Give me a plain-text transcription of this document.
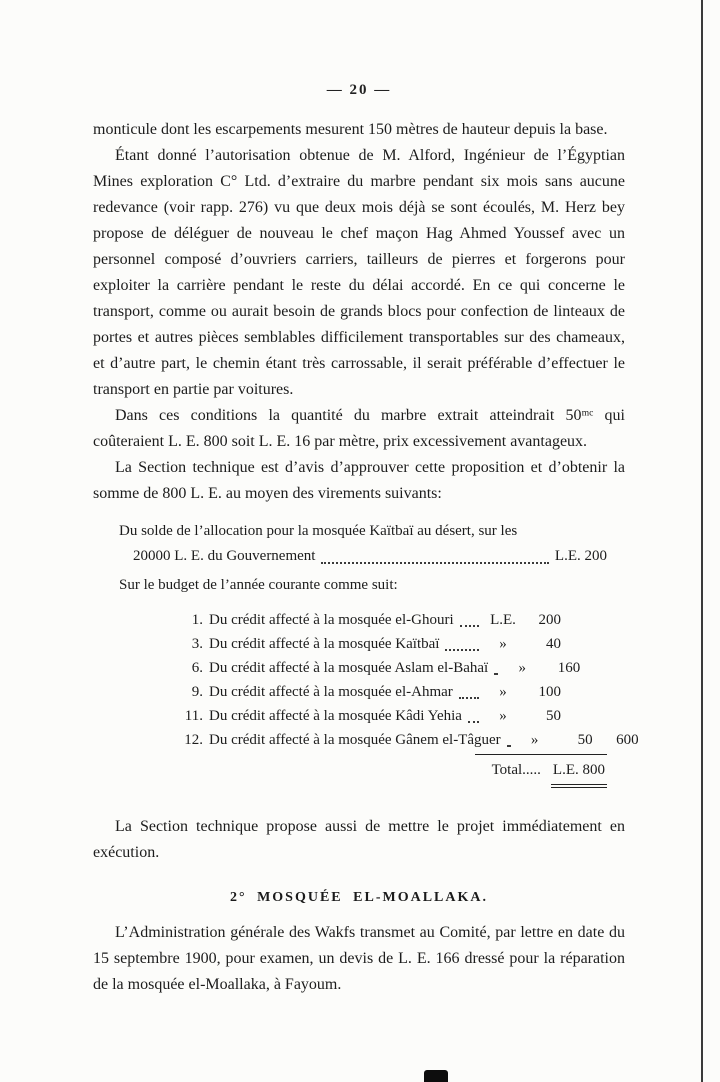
— 20 —

monticule dont les escarpements mesurent 150 mètres de hauteur depuis la base.

Étant donné l’autorisation obtenue de M. Alford, Ingénieur de l’Égyptian Mines exploration C° Ltd. d’extraire du marbre pendant six mois sans aucune redevance (voir rapp. 276) vu que deux mois déjà se sont écoulés, M. Herz bey propose de déléguer de nouveau le chef maçon Hag Ahmed Youssef avec un personnel composé d’ouvriers carriers, tailleurs de pierres et forgerons pour exploiter la carrière pendant le reste du délai accordé. En ce qui concerne le transport, comme ou aurait besoin de grands blocs pour confection de linteaux de portes et autres pièces semblables difficilement transportables sur des chameaux, et d’autre part, le chemin étant très carrossable, il serait préférable d’effectuer le transport en partie par voitures.

Dans ces conditions la quantité du marbre extrait atteindrait 50ᵐᶜ qui coûteraient L. E. 800 soit L. E. 16 par mètre, prix excessivement avantageux.

La Section technique est d’avis d’approuver cette proposition et d’obtenir la somme de 800 L. E. au moyen des virements suivants:

Du solde de l’allocation pour la mosquée Kaïtbaï au désert, sur les
20000 L. E. du Gouvernement	L.E. 200
Sur le budget de l’année courante comme suit:
1. Du crédit affecté à la mosquée el-Ghouri	L.E.	200
3. Du crédit affecté à la mosquée Kaïtbaï	»	40
6. Du crédit affecté à la mosquée Aslam el-Bahaï	»	160
9. Du crédit affecté à la mosquée el-Ahmar	»	100
11. Du crédit affecté à la mosquée Kâdi Yehia	»	50
12. Du crédit affecté à la mosquée Gânem el-Tâguer	»	50	600
Total..... L.E. 800

La Section technique propose aussi de mettre le projet immédiatement en exécution.

2° MOSQUÉE EL-MOALLAKA.

L’Administration générale des Wakfs transmet au Comité, par lettre en date du 15 septembre 1900, pour examen, un devis de L. E. 166 dressé pour la réparation de la mosquée el-Moallaka, à Fayoum.
